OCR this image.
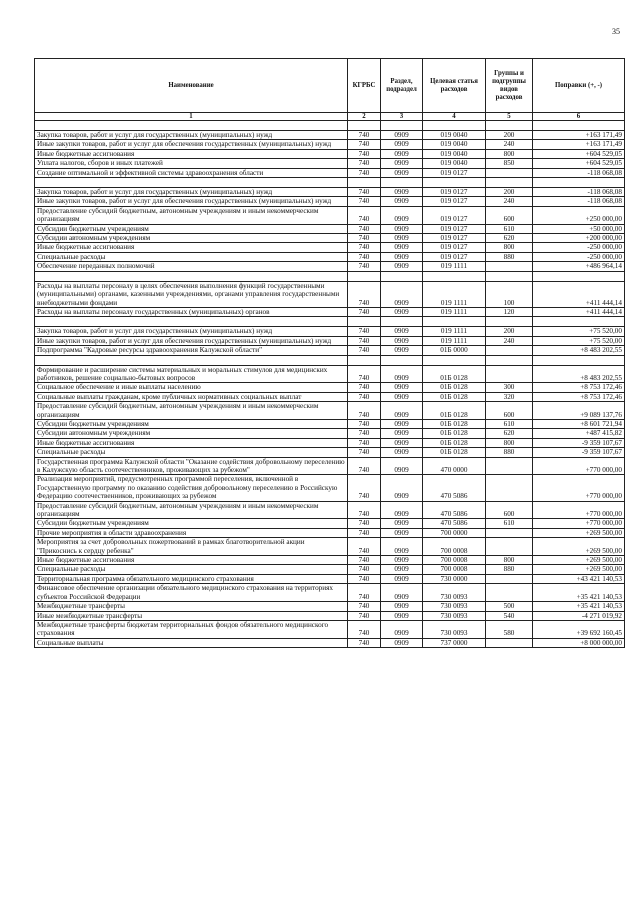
35
Наименование	КГРБС	Раздел, подраздел	Целевая статья расходов	Группы и подгруппы видов расходов	Поправки (+, -)
1	2	3	4	5	6

Закупка товаров, работ и услуг для государственных (муниципальных) нужд	740	0909	019 0040	200	+163 171,49
Иные закупки товаров, работ и услуг для обеспечения государственных (муниципальных) нужд	740	0909	019 0040	240	+163 171,49
Иные бюджетные ассигнования	740	0909	019 0040	800	+604 529,05
Уплата налогов, сборов и иных платежей	740	0909	019 0040	850	+604 529,05
Создание оптимальной и эффективной системы здравоохранения области	740	0909	019 0127		-118 068,08

Закупка товаров, работ и услуг для государственных (муниципальных) нужд	740	0909	019 0127	200	-118 068,08
Иные закупки товаров, работ и услуг для обеспечения государственных (муниципальных) нужд	740	0909	019 0127	240	-118 068,08
Предоставление субсидий бюджетным, автономным учреждениям и иным некоммерческим организациям	740	0909	019 0127	600	+250 000,00
Субсидии бюджетным учреждениям	740	0909	019 0127	610	+50 000,00
Субсидии автономным учреждениям	740	0909	019 0127	620	+200 000,00
Иные бюджетные ассигнования	740	0909	019 0127	800	-250 000,00
Специальные расходы	740	0909	019 0127	880	-250 000,00
Обеспечение переданных полномочий	740	0909	019 1111		+486 964,14

Расходы на выплаты персоналу в целях обеспечения выполнения функций государственными (муниципальными) органами, казенными учреждениями, органами управления государственными внебюджетными фондами	740	0909	019 1111	100	+411 444,14
Расходы на выплаты персоналу государственных (муниципальных) органов	740	0909	019 1111	120	+411 444,14

Закупка товаров, работ и услуг для государственных (муниципальных) нужд	740	0909	019 1111	200	+75 520,00
Иные закупки товаров, работ и услуг для обеспечения государственных (муниципальных) нужд	740	0909	019 1111	240	+75 520,00
Подпрограмма "Кадровые ресурсы здравоохранения Калужской области"	740	0909	01Б 0000		+8 483 202,55

Формирование и расширение системы материальных и моральных стимулов для медицинских работников, решение социально-бытовых вопросов	740	0909	01Б 0128		+8 483 202,55
Социальное обеспечение и иные выплаты населению	740	0909	01Б 0128	300	+8 753 172,46
Социальные выплаты гражданам, кроме публичных нормативных социальных выплат	740	0909	01Б 0128	320	+8 753 172,46
Предоставление субсидий бюджетным, автономным учреждениям и иным некоммерческим организациям	740	0909	01Б 0128	600	+9 089 137,76
Субсидии бюджетным учреждениям	740	0909	01Б 0128	610	+8 601 721,94
Субсидии автономным учреждениям	740	0909	01Б 0128	620	+487 415,82
Иные бюджетные ассигнования	740	0909	01Б 0128	800	-9 359 107,67
Специальные расходы	740	0909	01Б 0128	880	-9 359 107,67
Государственная программа Калужской области "Оказание содействия добровольному переселению в Калужскую область соотечественников, проживающих за рубежом"	740	0909	470 0000		+770 000,00
Реализация мероприятий, предусмотренных программой переселения, включенной в Государственную программу по оказанию содействия добровольному переселению в Российскую Федерацию соотечественников, проживающих за рубежом	740	0909	470 5086		+770 000,00
Предоставление субсидий бюджетным, автономным учреждениям и иным некоммерческим организациям	740	0909	470 5086	600	+770 000,00
Субсидии бюджетным учреждениям	740	0909	470 5086	610	+770 000,00
Прочие мероприятия в области здравоохранения	740	0909	700 0000		+269 500,00
Мероприятия за счет добровольных пожертвований в рамках благотворительной акции "Прикоснись к сердцу ребенка"	740	0909	700 0008		+269 500,00
Иные бюджетные ассигнования	740	0909	700 0008	800	+269 500,00
Специальные расходы	740	0909	700 0008	880	+269 500,00
Территориальная программа обязательного медицинского страхования	740	0909	730 0000		+43 421 140,53
Финансовое обеспечение организации обязательного медицинского страхования на территориях субъектов Российской Федерации	740	0909	730 0093		+35 421 140,53
Межбюджетные трансферты	740	0909	730 0093	500	+35 421 140,53
Иные межбюджетные трансферты	740	0909	730 0093	540	-4 271 019,92
Межбюджетные трансферты бюджетам территориальных фондов обязательного медицинского страхования	740	0909	730 0093	580	+39 692 160,45
Социальные выплаты	740	0909	737 0000		+8 000 000,00
